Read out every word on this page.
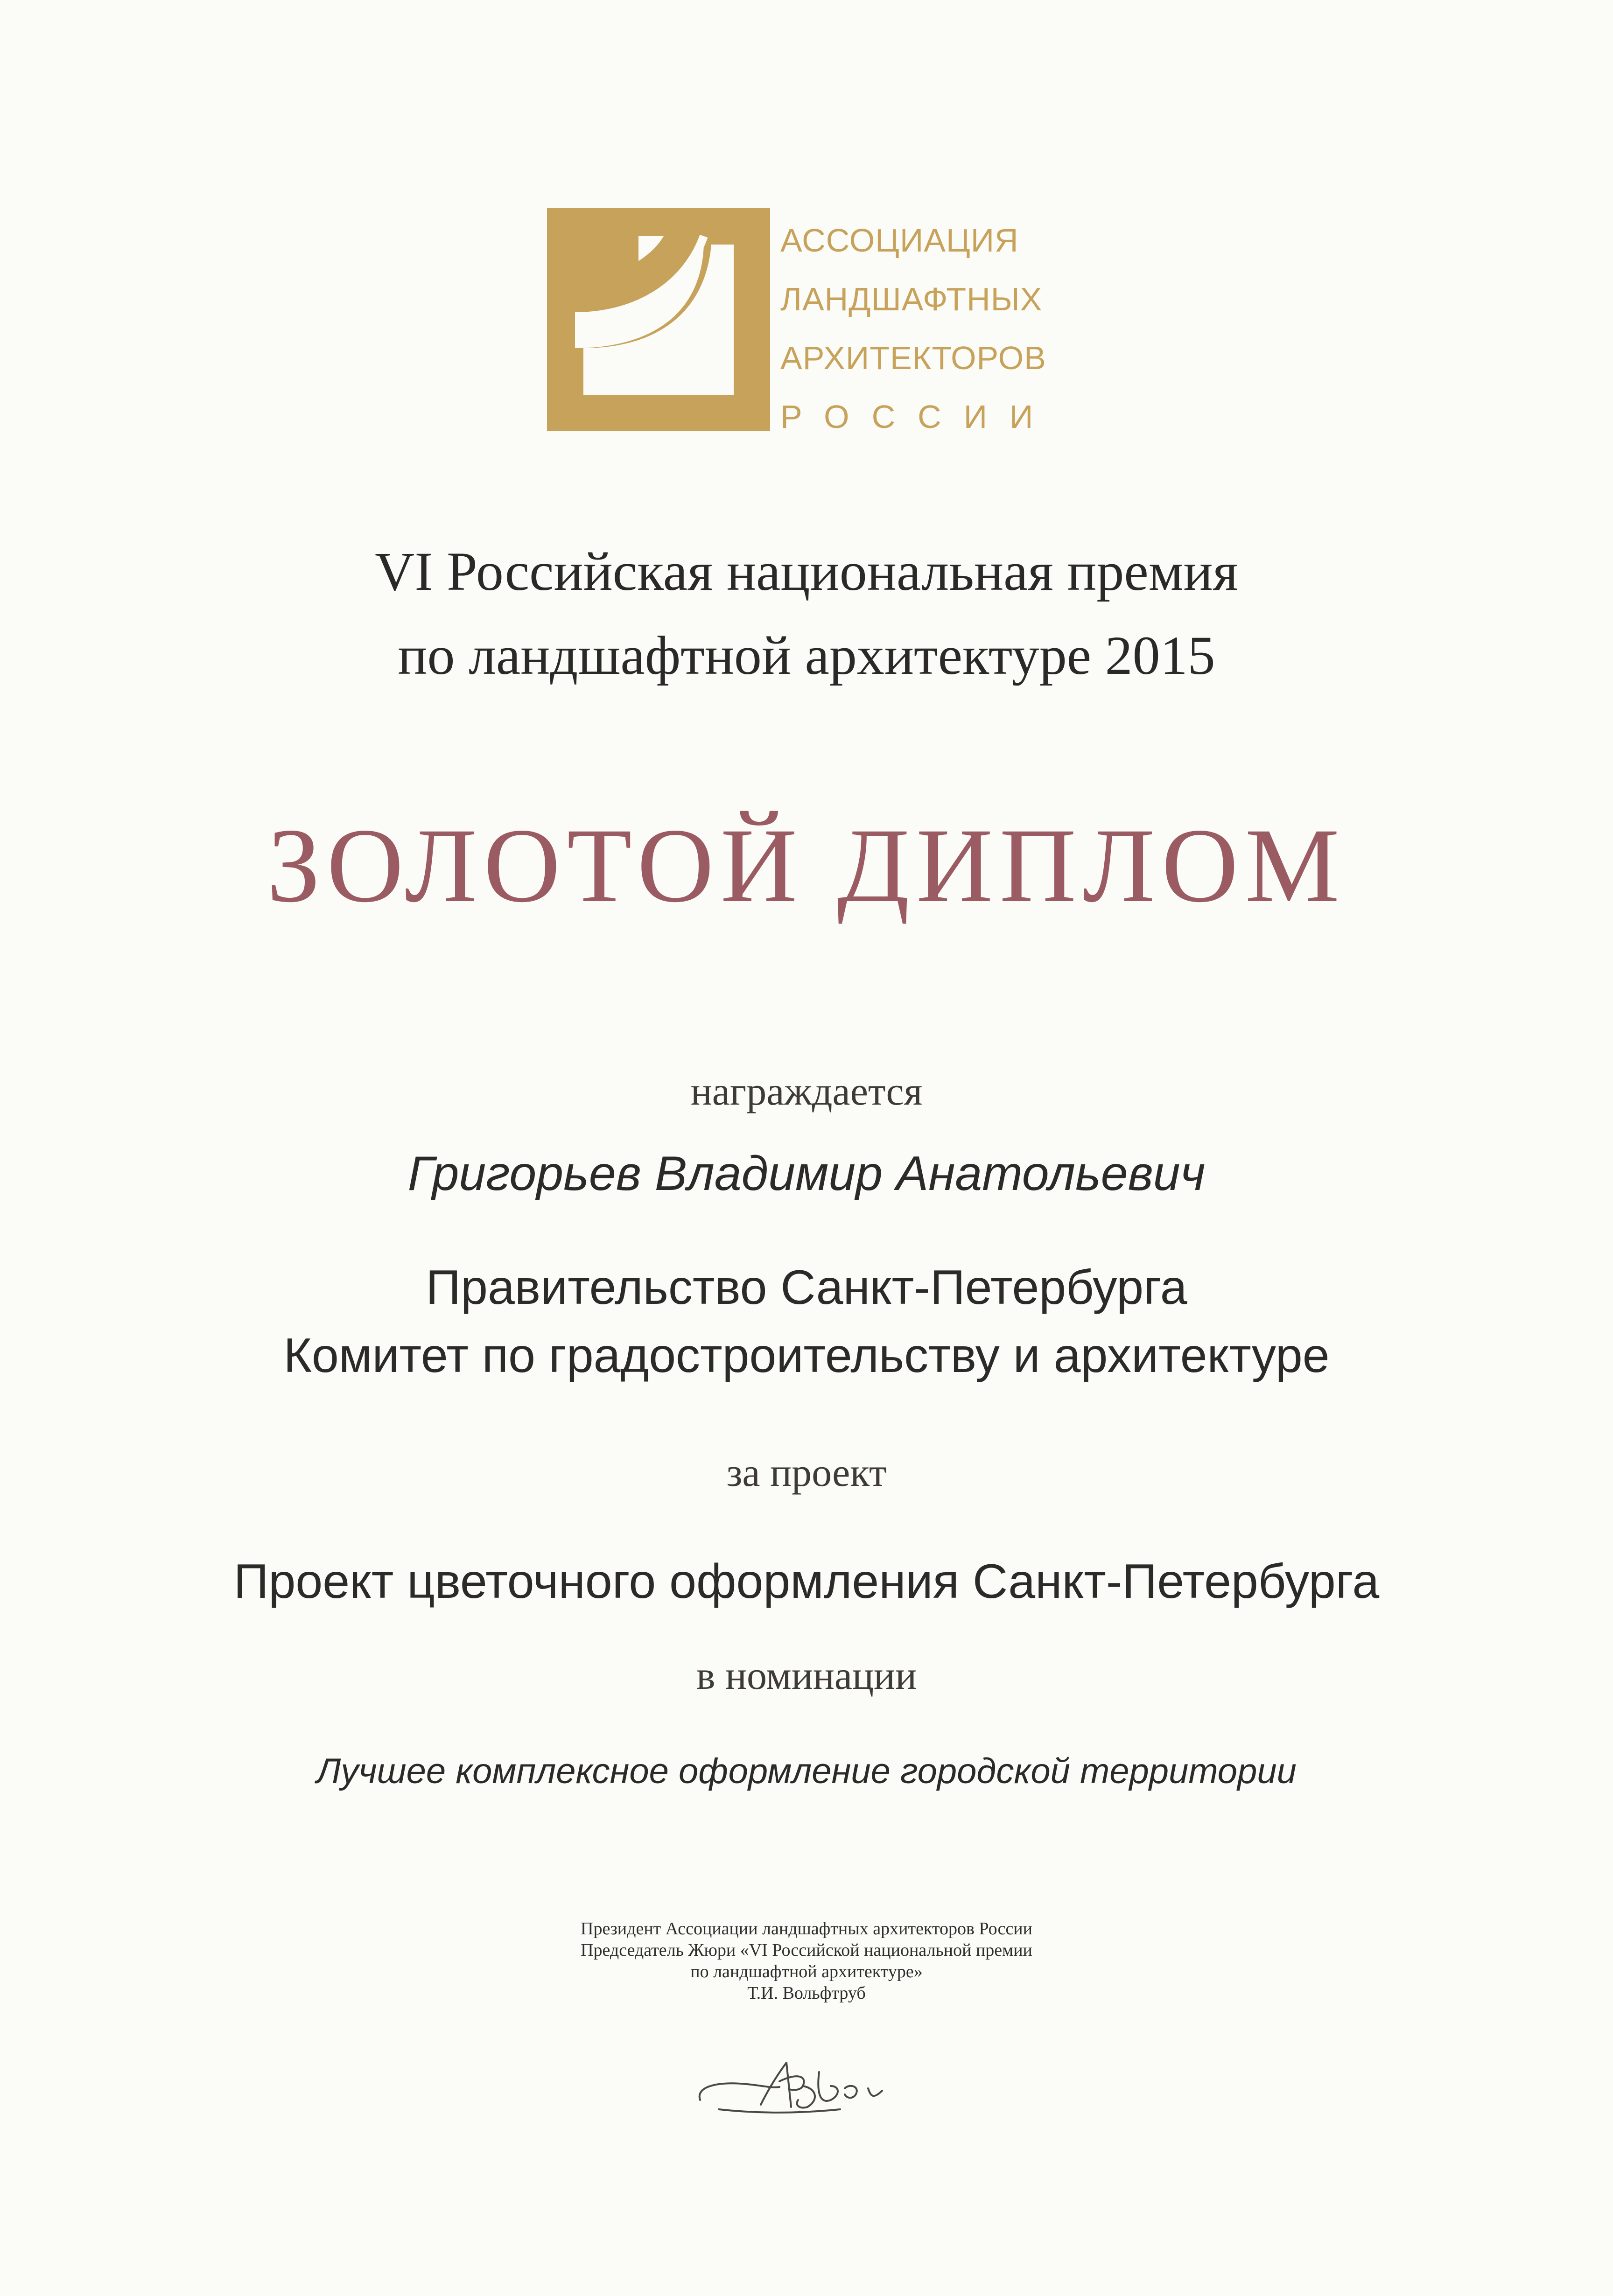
АССОЦИАЦИЯ
ЛАНДШАФТНЫХ
АРХИТЕКТОРОВ
РОССИИ
VI Российская национальная премия
по ландшафтной архитектуре 2015
ЗОЛОТОЙ ДИПЛОМ
награждается
Григорьев Владимир Анатольевич
Правительство Санкт-Петербурга
Комитет по градостроительству и архитектуре
за проект
Проект цветочного оформления Санкт-Петербурга
в номинации
Лучшее комплексное оформление городской территории
Президент Ассоциации ландшафтных архитекторов России
Председатель Жюри «VI Российской национальной премии
по ландшафтной архитектуре»
Т.И. Вольфтруб
